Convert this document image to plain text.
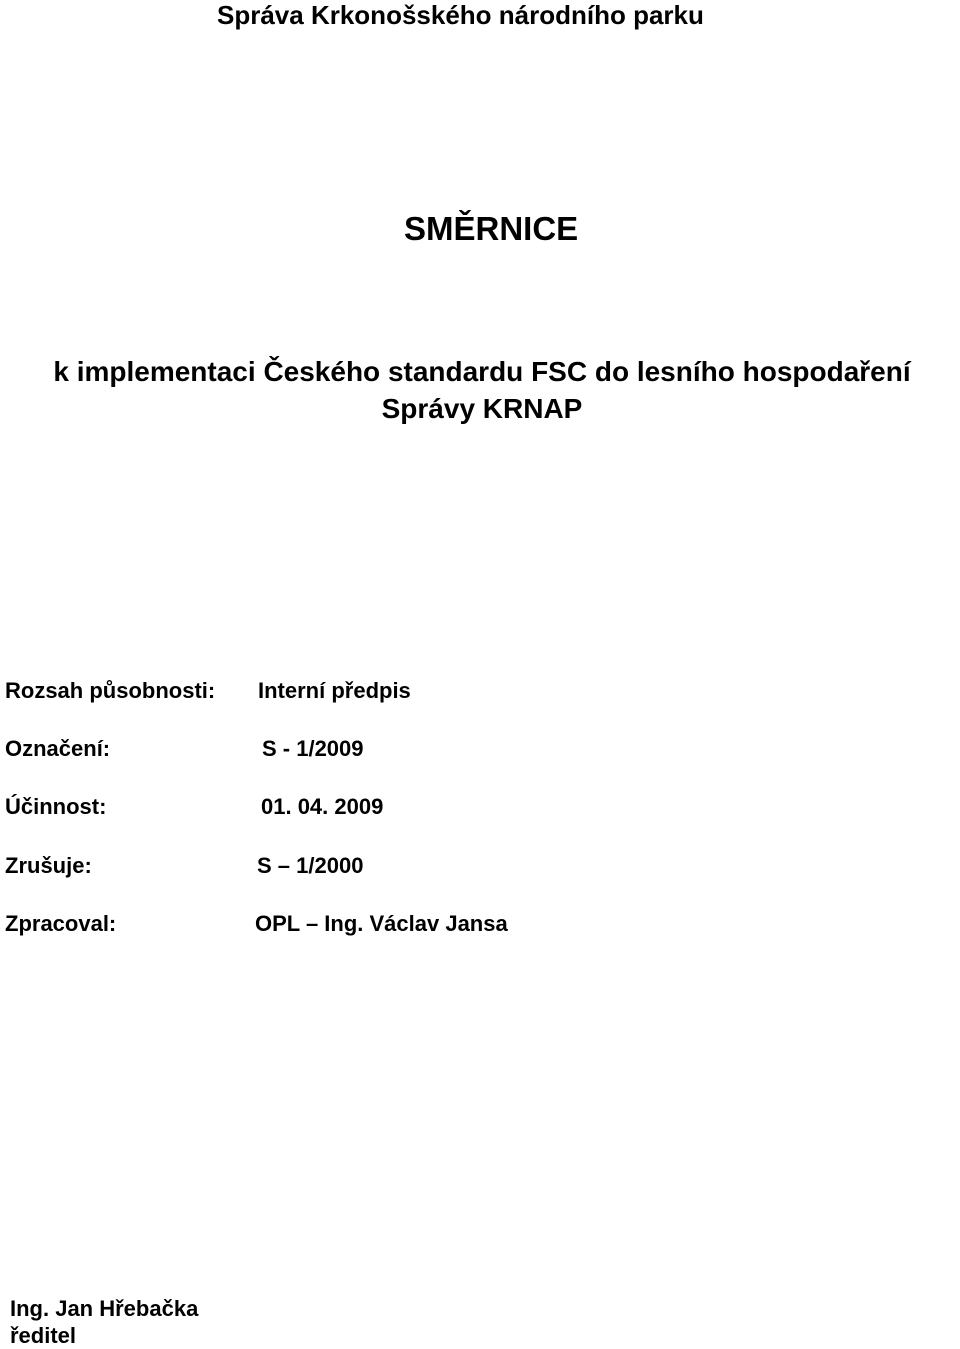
Správa Krkonošského národního parku
SMĚRNICE
k implementaci Českého standardu FSC do lesního hospodaření
Správy KRNAP
Rozsah působnosti: Interní předpis
Označení:	S - 1/2009
Účinnost:	01. 04. 2009
Zrušuje:	S – 1/2000
Zpracoval:	OPL – Ing. Václav Jansa
Ing. Jan Hřebačka
ředitel
